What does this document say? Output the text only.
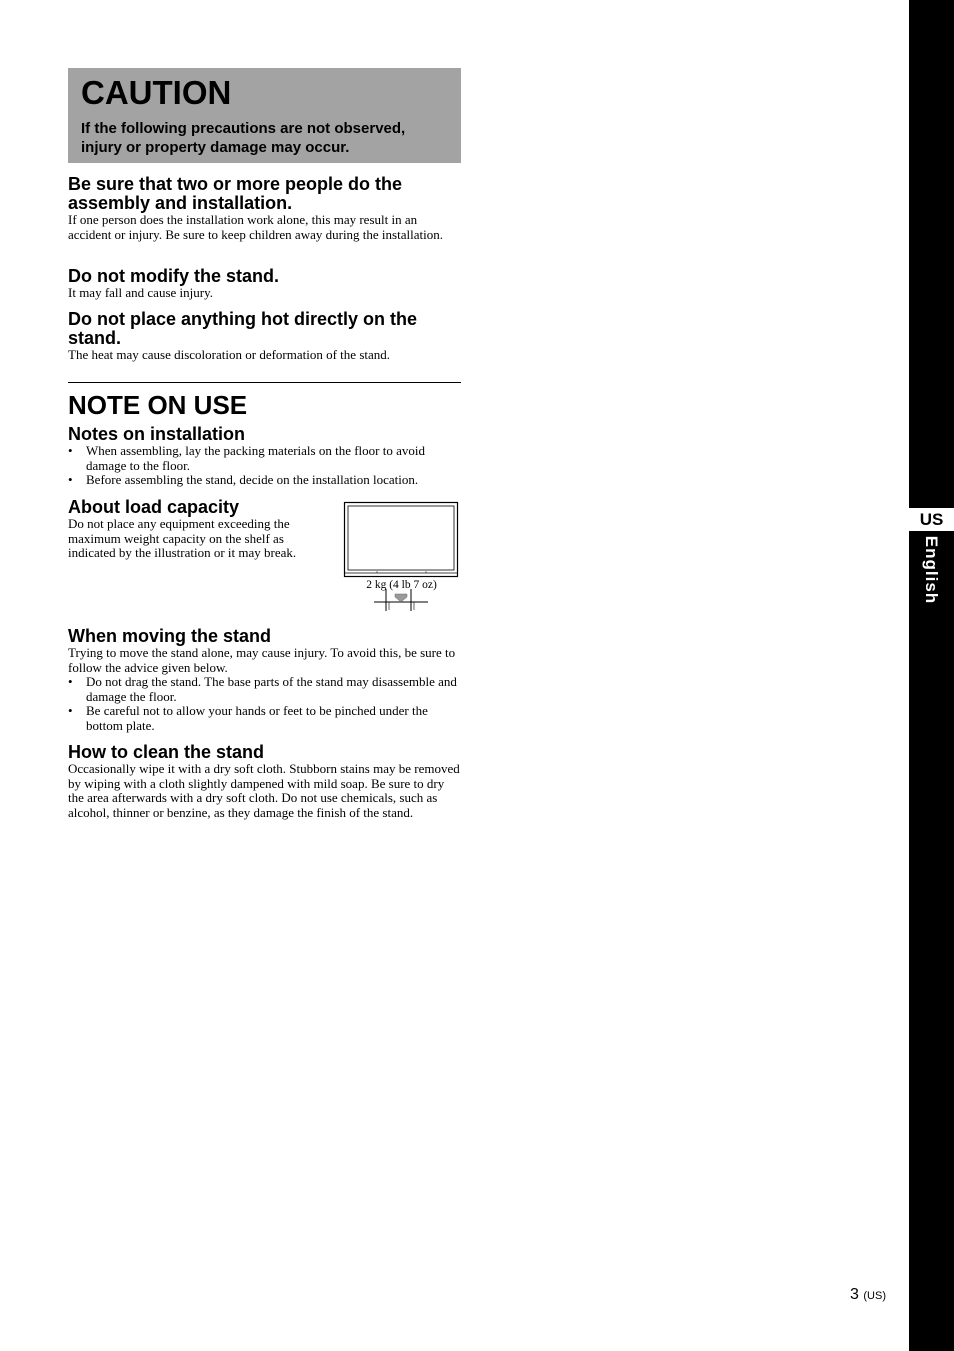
CAUTION
If the following precautions are not observed, injury or property damage may occur.
Be sure that two or more people do the assembly and installation.

If one person does the installation work alone, this may result in an accident or injury. Be sure to keep children away during the installation.

Do not modify the stand.

It may fall and cause injury.

Do not place anything hot directly on the stand.

The heat may cause discoloration or deformation of the stand.

NOTE ON USE
Notes on installation
• When assembling, lay the packing materials on the floor to avoid damage to the floor.
• Before assembling the stand, decide on the installation location.
About load capacity

Do not place any equipment exceeding the maximum weight capacity on the shelf as indicated by the illustration or it may break.

2 kg (4 lb 7 oz)
When moving the stand

Trying to move the stand alone, may cause injury. To avoid this, be sure to follow the advice given below.

• Do not drag the stand. The base parts of the stand may disassemble and damage the floor.
• Be careful not to allow your hands or feet to be pinched under the bottom plate.
How to clean the stand

Occasionally wipe it with a dry soft cloth. Stubborn stains may be removed by wiping with a cloth slightly dampened with mild soap. Be sure to dry the area afterwards with a dry soft cloth. Do not use chemicals, such as alcohol, thinner or benzine, as they damage the finish of the stand.

US
English
3 (US)
